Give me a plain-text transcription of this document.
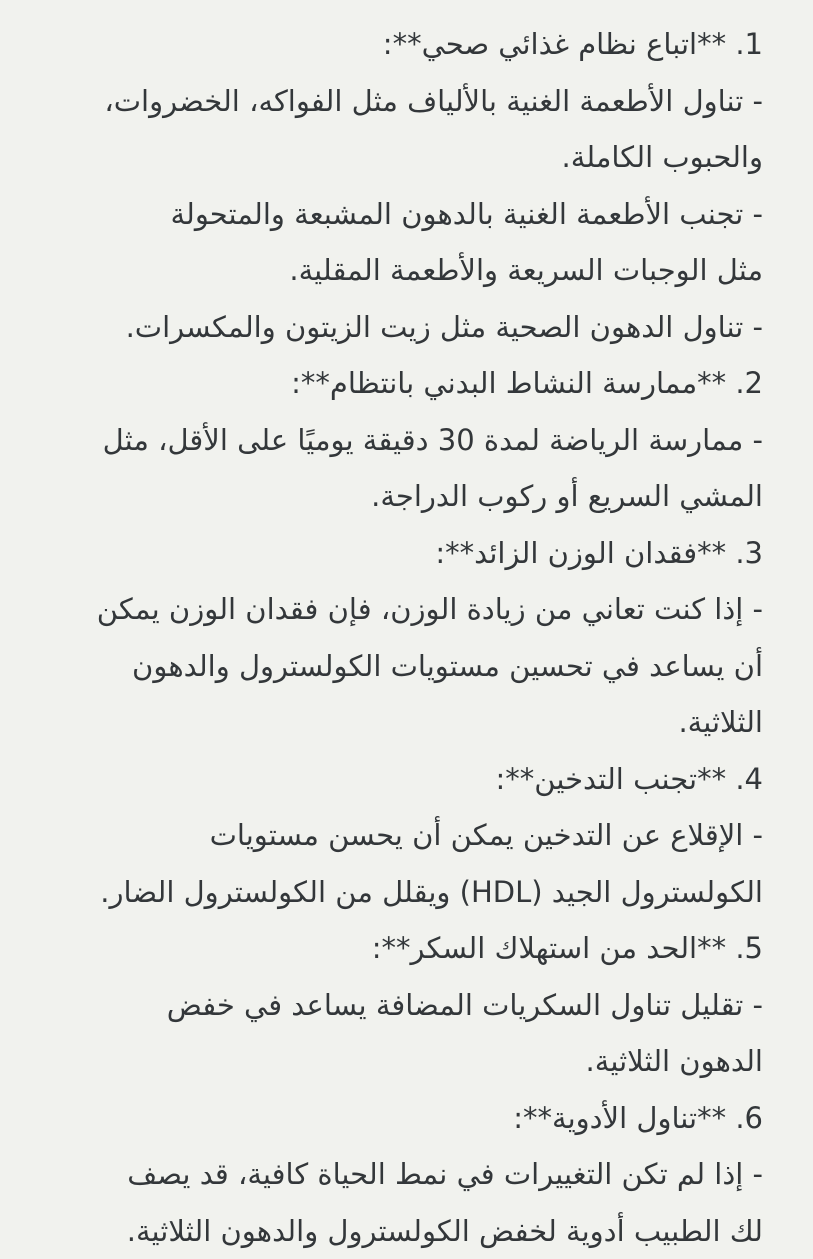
1. **اتباع نظام غذائي صحي**:
- تناول الأطعمة الغنية بالألياف مثل الفواكه، الخضروات،
والحبوب الكاملة.
- تجنب الأطعمة الغنية بالدهون المشبعة والمتحولة
مثل الوجبات السريعة والأطعمة المقلية.
- تناول الدهون الصحية مثل زيت الزيتون والمكسرات.
2. **ممارسة النشاط البدني بانتظام**:
- ممارسة الرياضة لمدة 30 دقيقة يوميًا على الأقل، مثل
المشي السريع أو ركوب الدراجة.
3. **فقدان الوزن الزائد**:
- إذا كنت تعاني من زيادة الوزن، فإن فقدان الوزن يمكن
أن يساعد في تحسين مستويات الكولسترول والدهون
الثلاثية.
4. **تجنب التدخين**:
- الإقلاع عن التدخين يمكن أن يحسن مستويات
الكولسترول الجيد (HDL) ويقلل من الكولسترول الضار.
5. **الحد من استهلاك السكر**:
- تقليل تناول السكريات المضافة يساعد في خفض
الدهون الثلاثية.
6. **تناول الأدوية**:
- إذا لم تكن التغييرات في نمط الحياة كافية، قد يصف
لك الطبيب أدوية لخفض الكولسترول والدهون الثلاثية.
